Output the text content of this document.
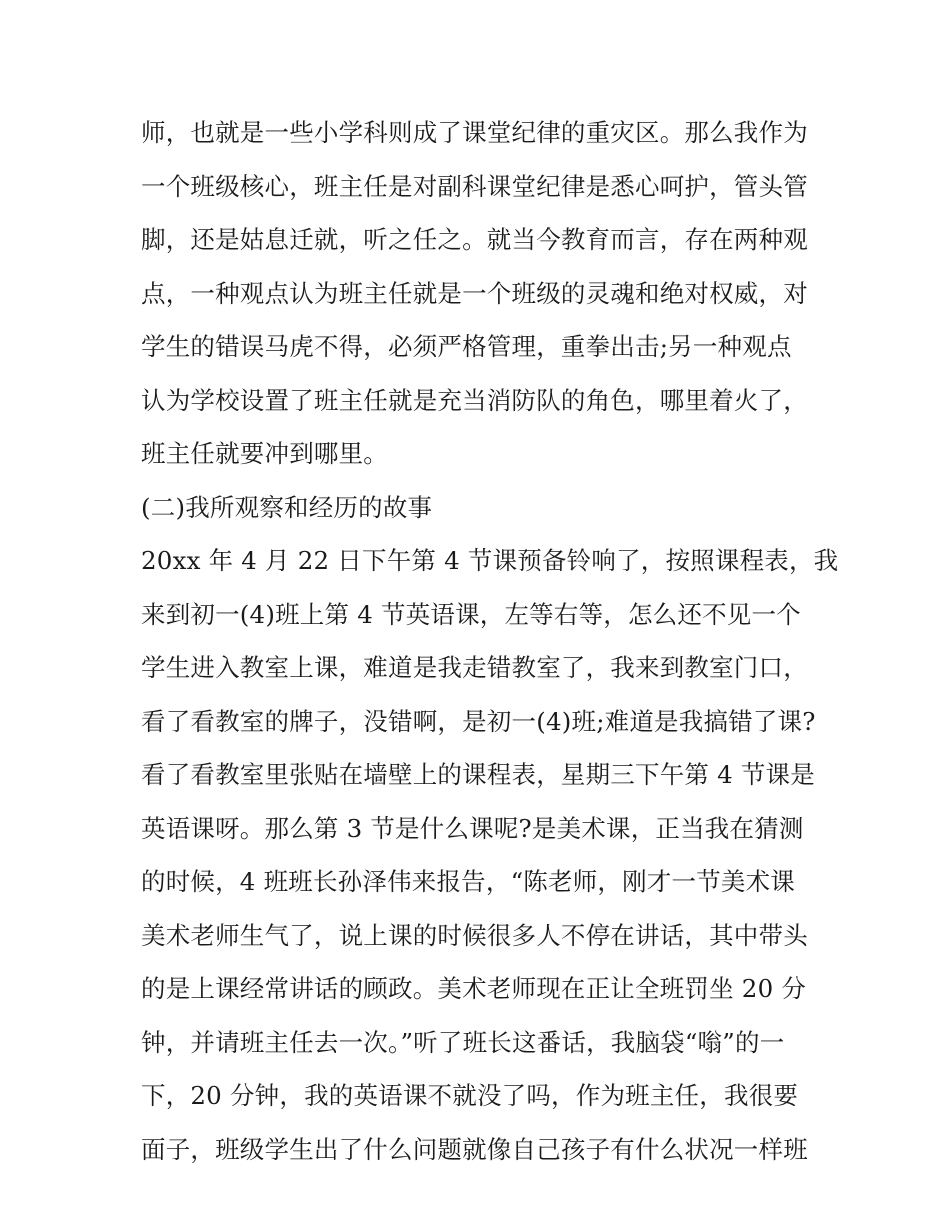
师，也就是一些小学科则成了课堂纪律的重灾区。那么我作为
一个班级核心，班主任是对副科课堂纪律是悉心呵护，管头管
脚，还是姑息迁就，听之任之。就当今教育而言，存在两种观
点，一种观点认为班主任就是一个班级的灵魂和绝对权威，对
学生的错误马虎不得，必须严格管理，重拳出击;另一种观点
认为学校设置了班主任就是充当消防队的角色，哪里着火了，
班主任就要冲到哪里。
(二)我所观察和经历的故事
20xx 年 4 月 22 日下午第 4 节课预备铃响了，按照课程表，我
来到初一(4)班上第 4 节英语课，左等右等，怎么还不见一个
学生进入教室上课，难道是我走错教室了，我来到教室门口，
看了看教室的牌子，没错啊，是初一(4)班;难道是我搞错了课?
看了看教室里张贴在墙壁上的课程表，星期三下午第 4 节课是
英语课呀。那么第 3 节是什么课呢?是美术课，正当我在猜测
的时候，4 班班长孙泽伟来报告，“陈老师，刚才一节美术课
美术老师生气了，说上课的时候很多人不停在讲话，其中带头
的是上课经常讲话的顾政。美术老师现在正让全班罚坐 20 分
钟，并请班主任去一次。”听了班长这番话，我脑袋“嗡”的一
下，20 分钟，我的英语课不就没了吗，作为班主任，我很要
面子，班级学生出了什么问题就像自己孩子有什么状况一样班
